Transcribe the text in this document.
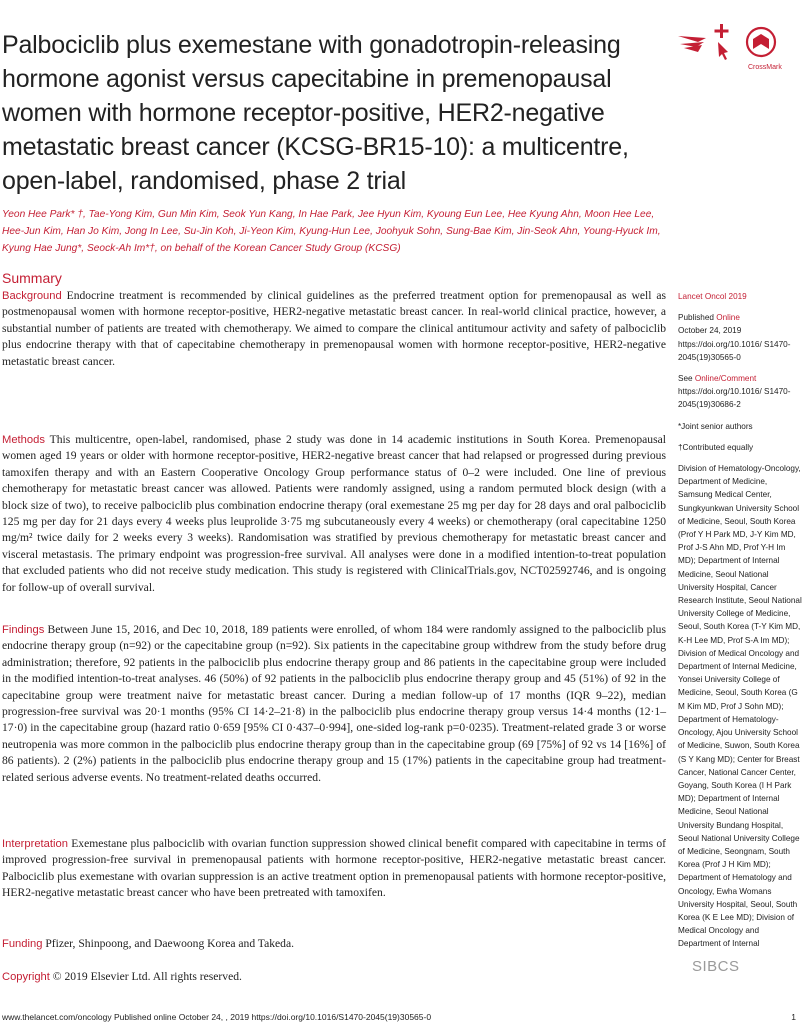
Palbociclib plus exemestane with gonadotropin-releasing hormone agonist versus capecitabine in premenopausal women with hormone receptor-positive, HER2-negative metastatic breast cancer (KCSG-BR15-10): a multicentre, open-label, randomised, phase 2 trial
CrossMark
Yeon Hee Park* †, Tae-Yong Kim, Gun Min Kim, Seok Yun Kang, In Hae Park, Jee Hyun Kim, Kyoung Eun Lee, Hee Kyung Ahn, Moon Hee Lee, Hee-Jun Kim, Han Jo Kim, Jong In Lee, Su-Jin Koh, Ji-Yeon Kim, Kyung-Hun Lee, Joohyuk Sohn, Sung-Bae Kim, Jin-Seok Ahn, Young-Hyuck Im, Kyung Hae Jung*, Seock-Ah Im*†, on behalf of the Korean Cancer Study Group (KCSG)
Summary

Background Endocrine treatment is recommended by clinical guidelines as the preferred treatment option for premenopausal as well as postmenopausal women with hormone receptor-positive, HER2-negative metastatic breast cancer. In real-world clinical practice, however, a substantial number of patients are treated with chemotherapy. We aimed to compare the clinical antitumour activity and safety of palbociclib plus endocrine therapy with that of capecitabine chemotherapy in premenopausal women with hormone receptor-positive, HER2-negative metastatic breast cancer.

Methods This multicentre, open-label, randomised, phase 2 study was done in 14 academic institutions in South Korea. Premenopausal women aged 19 years or older with hormone receptor-positive, HER2-negative breast cancer that had relapsed or progressed during previous tamoxifen therapy and with an Eastern Cooperative Oncology Group performance status of 0–2 were included. One line of previous chemotherapy for metastatic breast cancer was allowed. Patients were randomly assigned, using a random permuted block design (with a block size of two), to receive palbociclib plus combination endocrine therapy (oral exemestane 25 mg per day for 28 days and oral palbociclib 125 mg per day for 21 days every 4 weeks plus leuprolide 3·75 mg subcutaneously every 4 weeks) or chemotherapy (oral capecitabine 1250 mg/m² twice daily for 2 weeks every 3 weeks). Randomisation was stratified by previous chemotherapy for metastatic breast cancer and visceral metastasis. The primary endpoint was progression-free survival. All analyses were done in a modified intention-to-treat population that excluded patients who did not receive study medication. This study is registered with ClinicalTrials.gov, NCT02592746, and is ongoing for follow-up of overall survival.

Findings Between June 15, 2016, and Dec 10, 2018, 189 patients were enrolled, of whom 184 were randomly assigned to the palbociclib plus endocrine therapy group (n=92) or the capecitabine group (n=92). Six patients in the capecitabine group withdrew from the study before drug administration; therefore, 92 patients in the palbociclib plus endocrine therapy group and 86 patients in the capecitabine group were included in the modified intention-to-treat analyses. 46 (50%) of 92 patients in the palbociclib plus endocrine therapy group and 45 (51%) of 92 in the capecitabine group were treatment naive for metastatic breast cancer. During a median follow-up of 17 months (IQR 9–22), median progression-free survival was 20·1 months (95% CI 14·2–21·8) in the palbociclib plus endocrine therapy group versus 14·4 months (12·1–17·0) in the capecitabine group (hazard ratio 0·659 [95% CI 0·437–0·994], one-sided log-rank p=0·0235). Treatment-related grade 3 or worse neutropenia was more common in the palbociclib plus endocrine therapy group than in the capecitabine group (69 [75%] of 92 vs 14 [16%] of 86 patients). 2 (2%) patients in the palbociclib plus endocrine therapy group and 15 (17%) patients in the capecitabine group had treatment-related serious adverse events. No treatment-related deaths occurred.

Interpretation Exemestane plus palbociclib with ovarian function suppression showed clinical benefit compared with capecitabine in terms of improved progression-free survival in premenopausal patients with hormone receptor-positive, HER2-negative metastatic breast cancer. Palbociclib plus exemestane with ovarian suppression is an active treatment option in premenopausal patients with hormone receptor-positive, HER2-negative metastatic breast cancer who have been pretreated with tamoxifen.

Funding Pfizer, Shinpoong, and Daewoong Korea and Takeda.

Copyright © 2019 Elsevier Ltd. All rights reserved.

Lancet Oncol 2019

Published Online
October 24, 2019 https://doi.org/10.1016/ S1470-2045(19)30565-0

See Online/Comment
https://doi.org/10.1016/ S1470-2045(19)30686-2

*Joint senior authors

†Contributed equally

Division of Hematology-Oncology, Department of Medicine, Samsung Medical Center, Sungkyunkwan University School of Medicine, Seoul, South Korea (Prof Y H Park MD, J-Y Kim MD, Prof J-S Ahn MD, Prof Y-H Im MD); Department of Internal Medicine, Seoul National University Hospital, Cancer Research Institute, Seoul National University College of Medicine, Seoul, South Korea (T-Y Kim MD, K-H Lee MD, Prof S-A Im MD); Division of Medical Oncology and Department of Internal Medicine, Yonsei University College of Medicine, Seoul, South Korea (G M Kim MD, Prof J Sohn MD); Department of Hematology-Oncology, Ajou University School of Medicine, Suwon, South Korea (S Y Kang MD); Center for Breast Cancer, National Cancer Center, Goyang, South Korea (I H Park MD); Department of Internal Medicine, Seoul National University Bundang Hospital, Seoul National University College of Medicine, Seongnam, South Korea (Prof J H Kim MD); Department of Hematology and Oncology, Ewha Womans University Hospital, Seoul, South Korea (K E Lee MD); Division of Medical Oncology and Department of Internal

SIBCS
www.thelancet.com/oncology Published online October 24, , 2019 https://doi.org/10.1016/S1470-2045(19)30565-0	1
